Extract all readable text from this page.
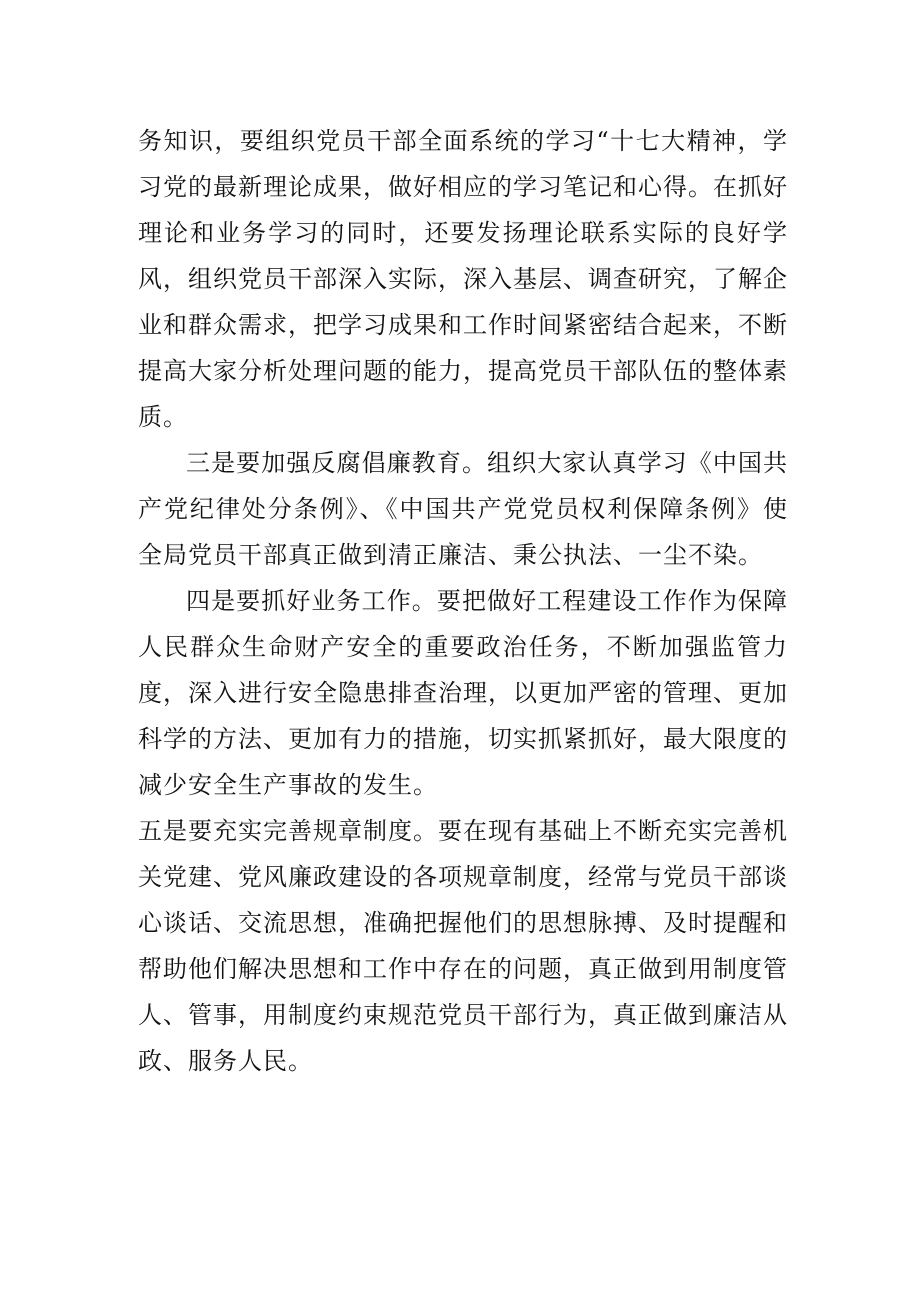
务知识，要组织党员干部全面系统的学习“十七大精神，学习党的最新理论成果，做好相应的学习笔记和心得。在抓好理论和业务学习的同时，还要发扬理论联系实际的良好学风，组织党员干部深入实际，深入基层、调查研究，了解企业和群众需求，把学习成果和工作时间紧密结合起来，不断提高大家分析处理问题的能力，提高党员干部队伍的整体素质。

三是要加强反腐倡廉教育。组织大家认真学习《中国共产党纪律处分条例》、《中国共产党党员权利保障条例》使全局党员干部真正做到清正廉洁、秉公执法、一尘不染。

四是要抓好业务工作。要把做好工程建设工作作为保障人民群众生命财产安全的重要政治任务，不断加强监管力度，深入进行安全隐患排查治理，以更加严密的管理、更加科学的方法、更加有力的措施，切实抓紧抓好，最大限度的减少安全生产事故的发生。

五是要充实完善规章制度。要在现有基础上不断充实完善机关党建、党风廉政建设的各项规章制度，经常与党员干部谈心谈话、交流思想，准确把握他们的思想脉搏、及时提醒和帮助他们解决思想和工作中存在的问题，真正做到用制度管人、管事，用制度约束规范党员干部行为，真正做到廉洁从政、服务人民。
